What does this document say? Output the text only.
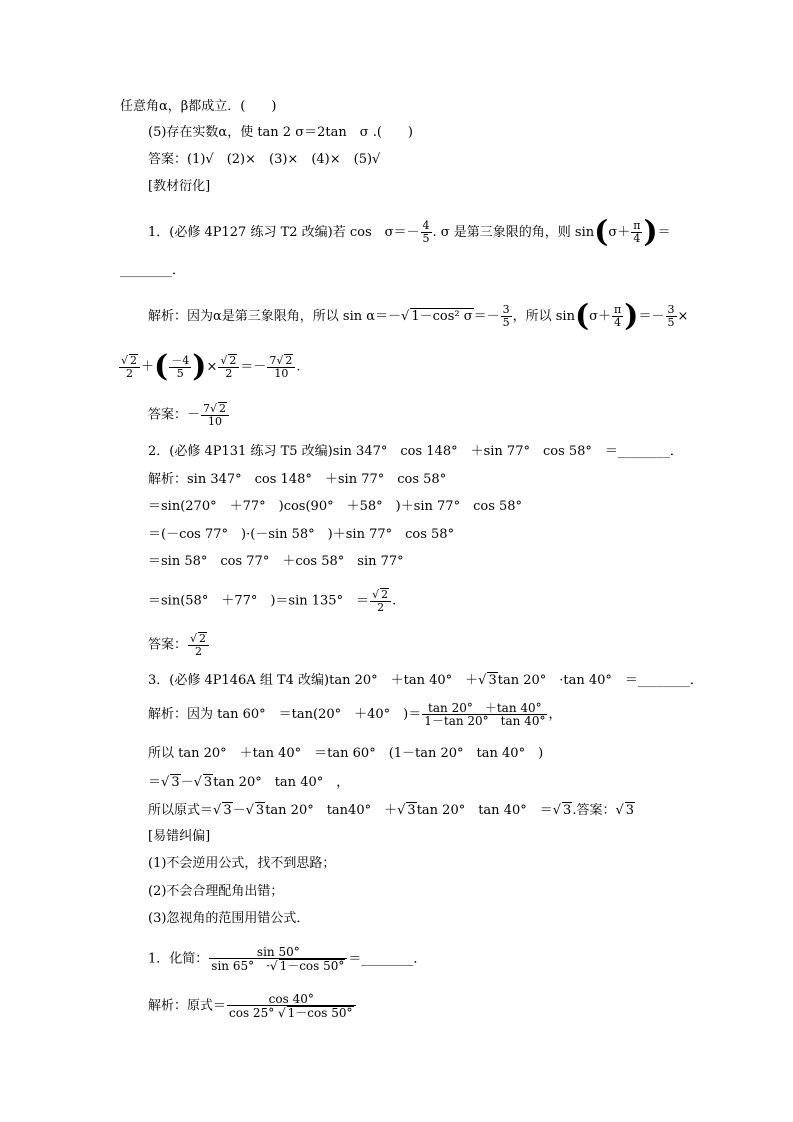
任意角α，β都成立．(　　)
(5)存在实数α，使 tan 2 σ＝2tan　σ .(　　)
答案：(1)√　(2)×　(3)×　(4)×　(5)√
[教材衍化]
1．(必修 4P127 练习 T2 改编)若 cos　$\sigma=- \frac{4}{5}$ . σ 是第三象限的角，则 $\sin(\sigma+ \frac{\pi}{4}$ )＝
________．
解析：因为α是第三象限角，所以 sin α＝－√ 1－cos² $\sigma=- \frac{3}{5}$ ，所以 $\sin(\sigma+ \frac{\pi}{4}$ )＝－ $\frac{3}{5}$ ×
$\frac{√ 2}{2}$ ＋( $\frac{-4}{5}$ )× $\frac{√ 2}{2} =- \frac{7√ 2}{10}$ .
答案：－ $\frac{7√ 2}{10}$
2．(必修 4P131 练习 T5 改编)sin 347°　cos 148°　＋sin 77°　cos 58°　＝________．
解析：sin 347°　cos 148°　＋sin 77°　cos 58°
＝sin(270°　＋77°　)cos(90°　＋58°　)＋sin 77°　cos 58°
＝(－cos 77°　)·(－sin 58°　)＋sin 77°　cos 58°
＝sin 58°　cos 77°　＋cos 58°　sin 77°
＝sin(58°　＋77°　)＝sin 135°　＝ $\frac{√ 2}{2}$ .
答案： $\frac{√ 2}{2}$
3．(必修 4P146A 组 T4 改编)tan 20°　＋tan 40°　＋√ 3tan 20°　·tan 40°　＝________．
解析：因为 tan 60°　＝tan(20°　＋40°　)＝ $\frac{\tan 20^\circ +\tan 40^\circ}{1-\tan 20^\circ \tan 40^\circ}$ ，
所以 tan 20°　＋tan 40°　＝tan 60°　(1－tan 20°　tan 40°　)
＝√ 3－√ 3tan 20°　tan 40°　，
所以原式＝√ 3－√ 3tan 20°　tan40°　＋√ 3tan 20°　tan 40°　＝√ 3.答案：√ 3
[易错纠偏]
(1)不会逆用公式，找不到思路；
(2)不会合理配角出错；
(3)忽视角的范围用错公式．
1．化简： $\frac{\sin 50^\circ}{\sin 65^\circ \cdot√ 1-\cos 50^\circ}$ ＝________．
解析：原式＝ $\frac{\cos 40^\circ}{\cos 25^\circ √ 1-\cos 50^\circ}$
